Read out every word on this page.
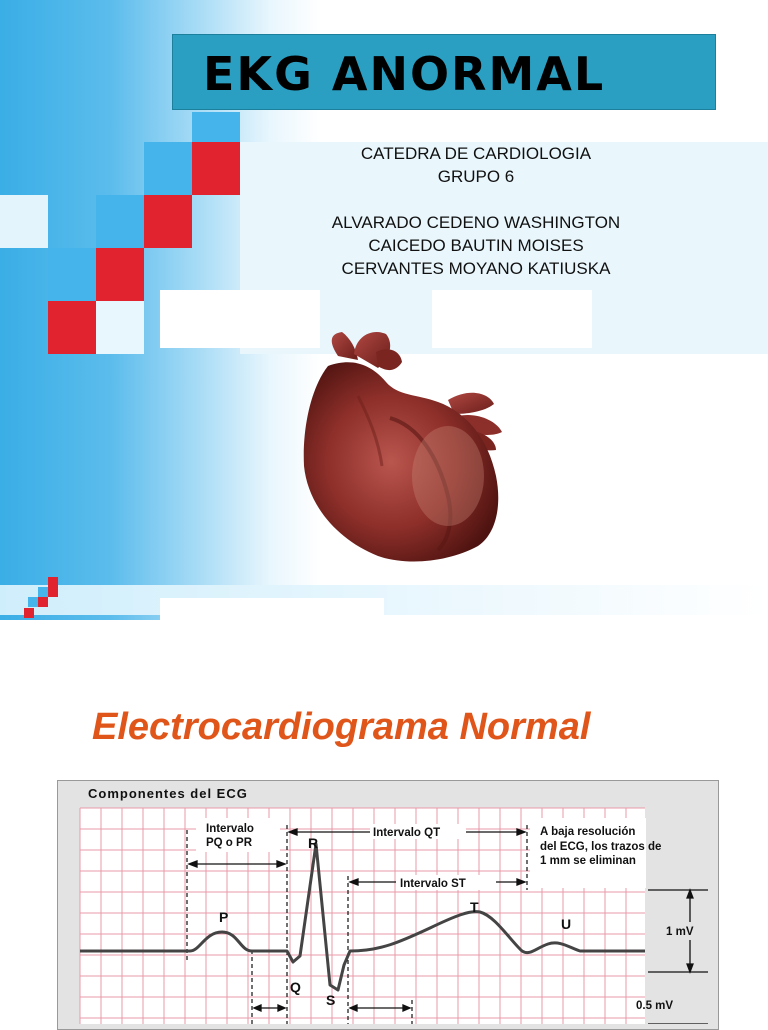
EKG ANORMAL
CATEDRA DE CARDIOLOGIA
GRUPO 6
ALVARADO CEDENO WASHINGTON
CAICEDO BAUTIN MOISES
CERVANTES MOYANO KATIUSKA
Electrocardiograma Normal
Componentes del ECG
A baja resolución
del ECG, los trazos de
1 mm se eliminan
Intervalo
PQ o PR
Intervalo QT
Intervalo ST
P
Q
R
S
T
U	1 mV
0.5 mV
